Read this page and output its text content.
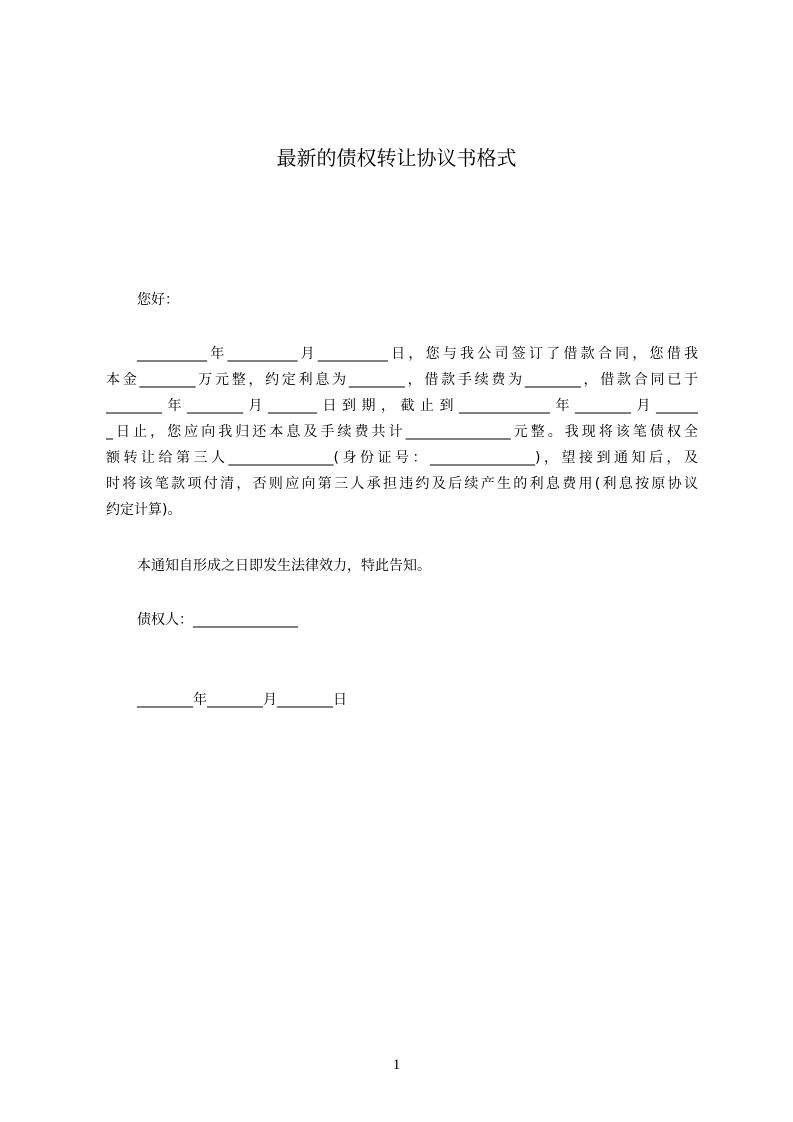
最新的债权转让协议书格式

您好：

__________年__________月__________日，您与我公司签订了借款合同，您借我
本金________万元整，约定利息为________，借款手续费为________，借款合同已于
________年________月_______日到期，截止到_____________年________月______
_日止，您应向我归还本息及手续费共计_______________元整。我现将该笔债权全
额转让给第三人_______________(身份证号：_______________)，望接到通知后，及
时将该笔款项付清，否则应向第三人承担违约及后续产生的利息费用(利息按原协议
约定计算)。

本通知自形成之日即发生法律效力，特此告知。

债权人：_______________

________年________月________日

1
